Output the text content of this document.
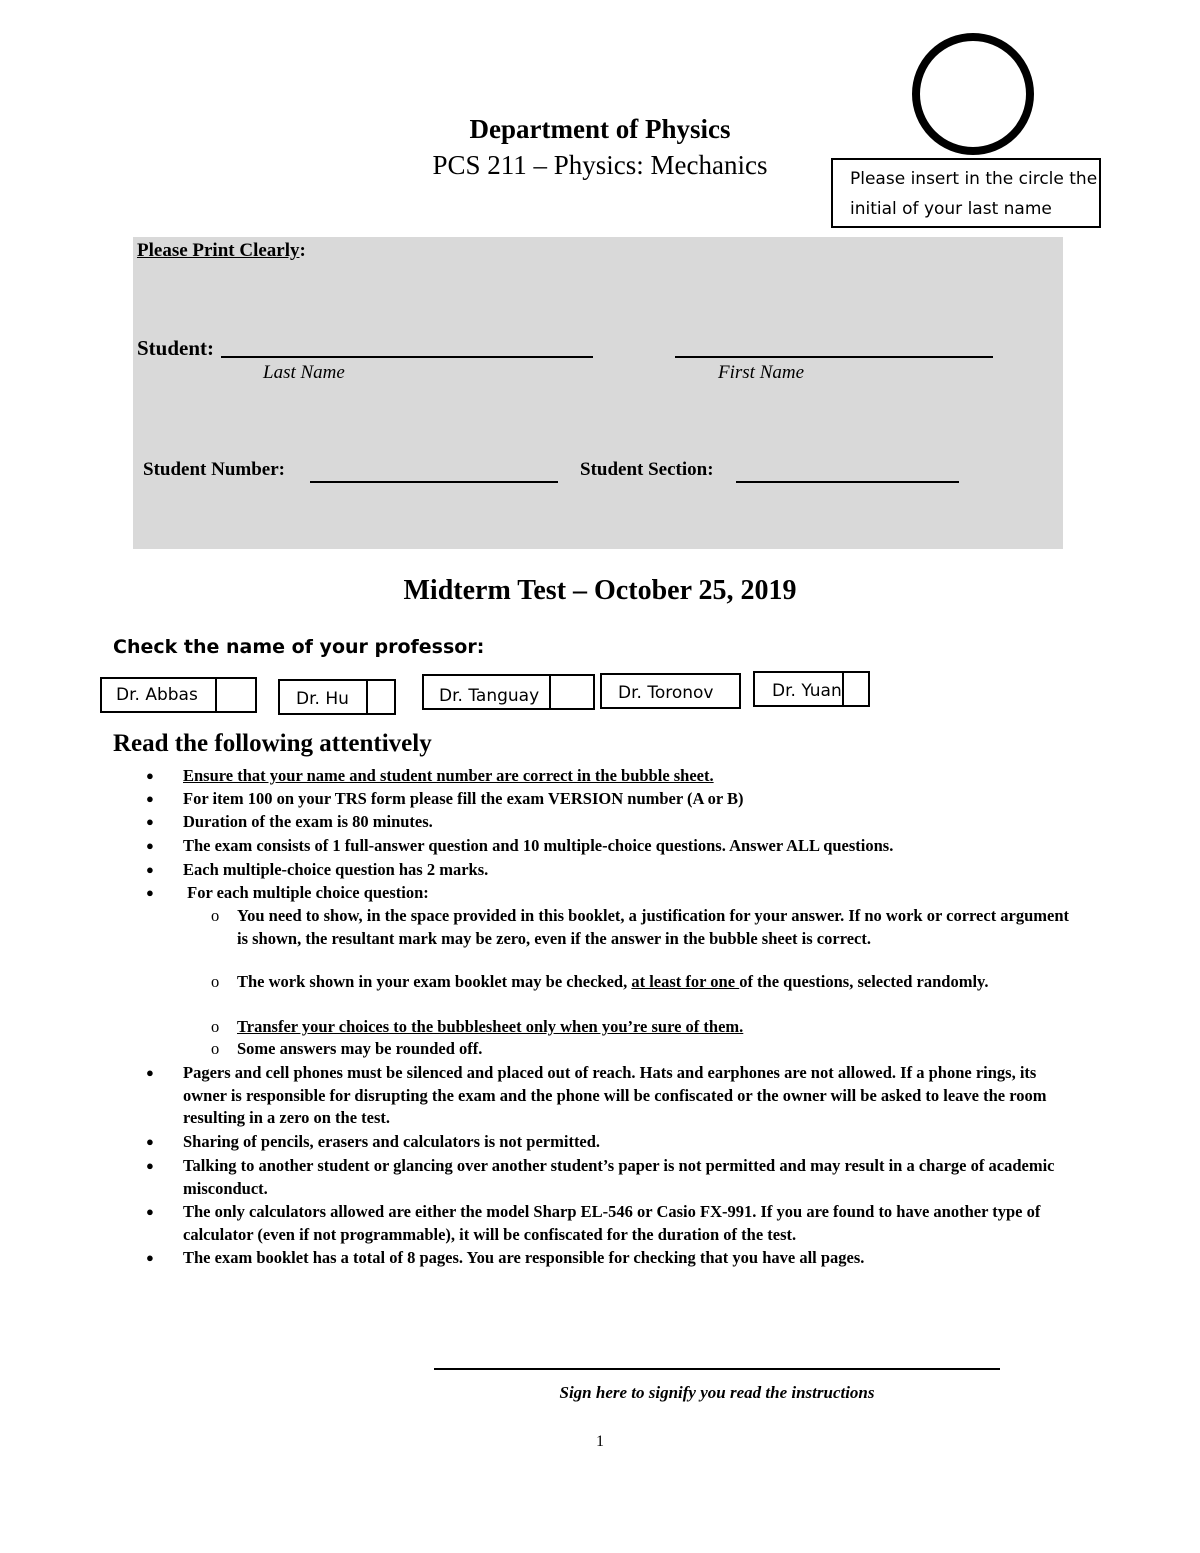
Please insert in the circle the initial of your last name
Department of Physics
PCS 211 – Physics: Mechanics
Please Print Clearly:
Student:
Last Name	First Name
Student Number:	Student Section:
Midterm Test – October 25, 2019
Check the name of your professor:
Dr. Abbas	Dr. Hu	Dr. Tanguay	Dr. Toronov	Dr. Yuan
Read the following attentively
● Ensure that your name and student number are correct in the bubble sheet.
● For item 100 on your TRS form please fill the exam VERSION number (A or B)
● Duration of the exam is 80 minutes.
● The exam consists of 1 full-answer question and 10 multiple-choice questions. Answer ALL questions.
● Each multiple-choice question has 2 marks.
● For each multiple choice question:
o You need to show, in the space provided in this booklet, a justification for your answer. If no work or correct argument is shown, the resultant mark may be zero, even if the answer in the bubble sheet is correct.
o The work shown in your exam booklet may be checked, at least for one of the questions, selected randomly.
o Transfer your choices to the bubblesheet only when you’re sure of them.
o Some answers may be rounded off.
● Pagers and cell phones must be silenced and placed out of reach. Hats and earphones are not allowed. If a phone rings, its owner is responsible for disrupting the exam and the phone will be confiscated or the owner will be asked to leave the room resulting in a zero on the test.
● Sharing of pencils, erasers and calculators is not permitted.
● Talking to another student or glancing over another student’s paper is not permitted and may result in a charge of academic misconduct.
● The only calculators allowed are either the model Sharp EL-546 or Casio FX-991. If you are found to have another type of calculator (even if not programmable), it will be confiscated for the duration of the test.
● The exam booklet has a total of 8 pages. You are responsible for checking that you have all pages.
Sign here to signify you read the instructions
1
